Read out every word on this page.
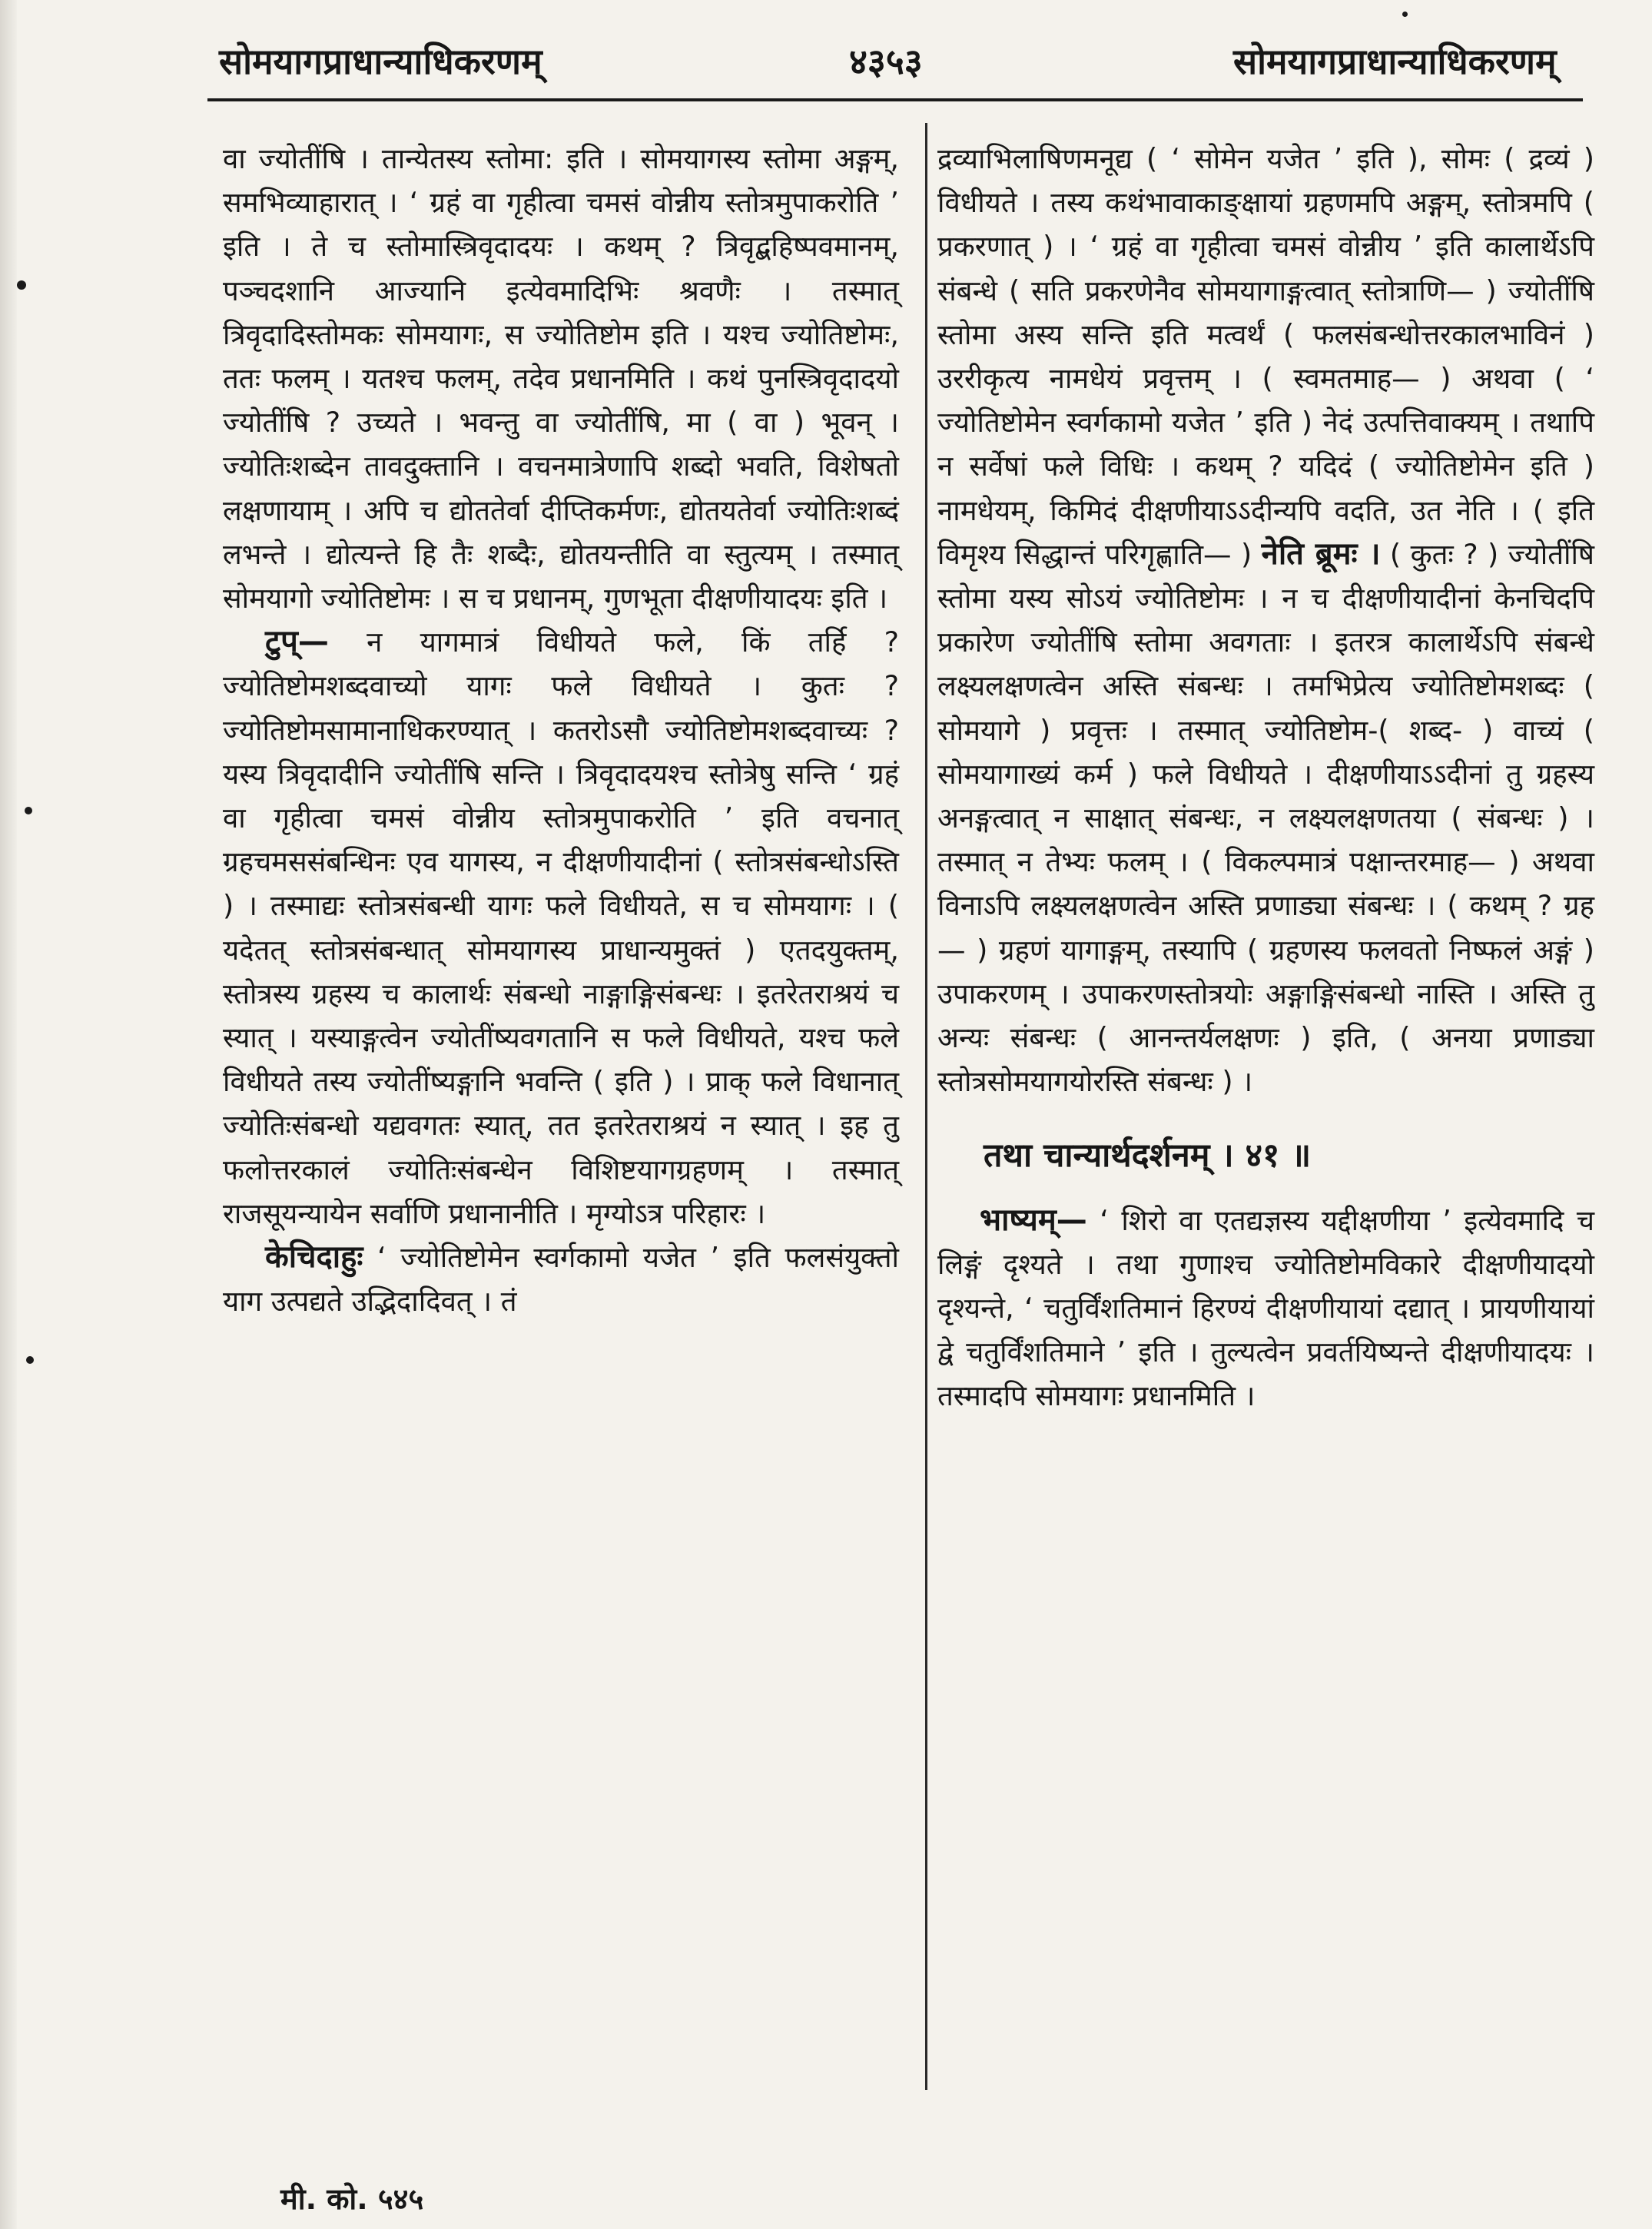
सोमयागप्राधान्याधिकरणम्	४३५३	सोमयागप्राधान्याधिकरणम्

वा ज्योतींषि । तान्येतस्य स्तोमा: इति । सोमयागस्य स्तोमा अङ्गम्, समभिव्याहारात् । ‘ ग्रहं वा गृहीत्वा चमसं वोन्नीय स्तोत्रमुपाकरोति ’ इति । ते च स्तोमास्त्रिवृदादयः । कथम् ? त्रिवृद्बहिष्पवमानम्, पञ्चदशानि आज्यानि इत्येवमादिभिः श्रवणैः । तस्मात् त्रिवृदादिस्तोमकः सोमयागः, स ज्योतिष्टोम इति । यश्च ज्योतिष्टोमः, ततः फलम् । यतश्च फलम्, तदेव प्रधानमिति । कथं पुनस्त्रिवृदादयो ज्योतींषि ? उच्यते । भवन्तु वा ज्योतींषि, मा ( वा ) भूवन् । ज्योतिःशब्देन तावदुक्तानि । वचनमात्रेणापि शब्दो भवति, विशेषतो लक्षणायाम् । अपि च द्योततेर्वा दीप्तिकर्मणः, द्योतयतेर्वा ज्योतिःशब्दं लभन्ते । द्योत्यन्ते हि तैः शब्दैः, द्योतयन्तीति वा स्तुत्यम् । तस्मात् सोमयागो ज्योतिष्टोमः । स च प्रधानम्, गुणभूता दीक्षणीयादयः इति ।

टुप्— न यागमात्रं विधीयते फले, किं तर्हि ? ज्योतिष्टोमशब्दवाच्यो यागः फले विधीयते । कुतः ? ज्योतिष्टोमसामानाधिकरण्यात् । कतरोऽसौ ज्योतिष्टोमशब्दवाच्यः ? यस्य त्रिवृदादीनि ज्योतींषि सन्ति । त्रिवृदादयश्च स्तोत्रेषु सन्ति ‘ ग्रहं वा गृहीत्वा चमसं वोन्नीय स्तोत्रमुपाकरोति ’ इति वचनात् ग्रहचमससंबन्धिनः एव यागस्य, न दीक्षणीयादीनां ( स्तोत्रसंबन्धोऽस्ति ) । तस्माद्यः स्तोत्रसंबन्धी यागः फले विधीयते, स च सोमयागः । ( यदेतत् स्तोत्रसंबन्धात् सोमयागस्य प्राधान्यमुक्तं ) एतदयुक्तम्, स्तोत्रस्य ग्रहस्य च कालार्थः संबन्धो नाङ्गाङ्गिसंबन्धः । इतरेतराश्रयं च स्यात् । यस्याङ्गत्वेन ज्योतींष्यवगतानि स फले विधीयते, यश्च फले विधीयते तस्य ज्योतींष्यङ्गानि भवन्ति ( इति ) । प्राक् फले विधानात् ज्योतिःसंबन्धो यद्यवगतः स्यात्, तत इतरेतराश्रयं न स्यात् । इह तु फलोत्तरकालं ज्योतिःसंबन्धेन विशिष्टयागग्रहणम् । तस्मात् राजसूयन्यायेन सर्वाणि प्रधानानीति । मृग्योऽत्र परिहारः ।

केचिदाहुः ‘ ज्योतिष्टोमेन स्वर्गकामो यजेत ’ इति फलसंयुक्तो याग उत्पद्यते उद्भिदादिवत् । तं

द्रव्याभिलाषिणमनूद्य ( ‘ सोमेन यजेत ’ इति ), सोमः ( द्रव्यं ) विधीयते । तस्य कथंभावाकाङ्क्षायां ग्रहणमपि अङ्गम्, स्तोत्रमपि ( प्रकरणात् ) । ‘ ग्रहं वा गृहीत्वा चमसं वोन्नीय ’ इति कालार्थेऽपि संबन्धे ( सति प्रकरणेनैव सोमयागाङ्गत्वात् स्तोत्राणि— ) ज्योतींषि स्तोमा अस्य सन्ति इति मत्वर्थं ( फलसंबन्धोत्तरकालभाविनं ) उररीकृत्य नामधेयं प्रवृत्तम् । ( स्वमतमाह— ) अथवा ( ‘ ज्योतिष्टोमेन स्वर्गकामो यजेत ’ इति ) नेदं उत्पत्तिवाक्यम् । तथापि न सर्वेषां फले विधिः । कथम् ? यदिदं ( ज्योतिष्टोमेन इति ) नामधेयम्, किमिदं दीक्षणीयाऽऽदीन्यपि वदति, उत नेति । ( इति विमृश्य सिद्धान्तं परिगृह्णाति— ) नेति ब्रूमः । ( कुतः ? ) ज्योतींषि स्तोमा यस्य सोऽयं ज्योतिष्टोमः । न च दीक्षणीयादीनां केनचिदपि प्रकारेण ज्योतींषि स्तोमा अवगताः । इतरत्र कालार्थेऽपि संबन्धे लक्ष्यलक्षणत्वेन अस्ति संबन्धः । तमभिप्रेत्य ज्योतिष्टोमशब्दः ( सोमयागे ) प्रवृत्तः । तस्मात् ज्योतिष्टोम-( शब्द- ) वाच्यं ( सोमयागाख्यं कर्म ) फले विधीयते । दीक्षणीयाऽऽदीनां तु ग्रहस्य अनङ्गत्वात् न साक्षात् संबन्धः, न लक्ष्यलक्षणतया ( संबन्धः ) । तस्मात् न तेभ्यः फलम् । ( विकल्पमात्रं पक्षान्तरमाह— ) अथवा विनाऽपि लक्ष्यलक्षणत्वेन अस्ति प्रणाड्या संबन्धः । ( कथम् ? ग्रह— ) ग्रहणं यागाङ्गम्, तस्यापि ( ग्रहणस्य फलवतो निष्फलं अङ्गं ) उपाकरणम् । उपाकरणस्तोत्रयोः अङ्गाङ्गिसंबन्धो नास्ति । अस्ति तु अन्यः संबन्धः ( आनन्तर्यलक्षणः ) इति, ( अनया प्रणाड्या स्तोत्रसोमयागयोरस्ति संबन्धः ) ।

तथा चान्यार्थदर्शनम् । ४१ ॥

भाष्यम्— ‘ शिरो वा एतद्यज्ञस्य यद्दीक्षणीया ’ इत्येवमादि च लिङ्गं दृश्यते । तथा गुणाश्च ज्योतिष्टोमविकारे दीक्षणीयादयो दृश्यन्ते, ‘ चतुर्विंशतिमानं हिरण्यं दीक्षणीयायां दद्यात् । प्रायणीयायां द्वे चतुर्विंशतिमाने ’ इति । तुल्यत्वेन प्रवर्तयिष्यन्ते दीक्षणीयादयः । तस्मादपि सोमयागः प्रधानमिति ।

मी. को. ५४५
